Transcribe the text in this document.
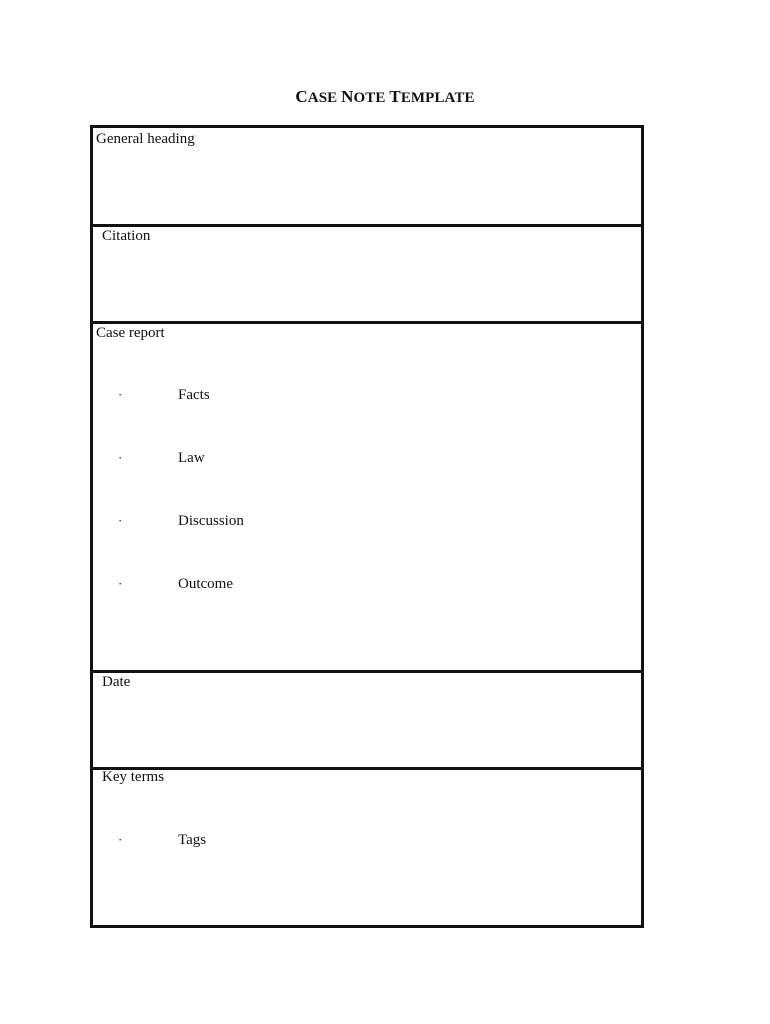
CASE NOTE TEMPLATE
General heading
Citation
Case report
·	Facts
·	Law
·	Discussion
·	Outcome
Date
Key terms
·	Tags
